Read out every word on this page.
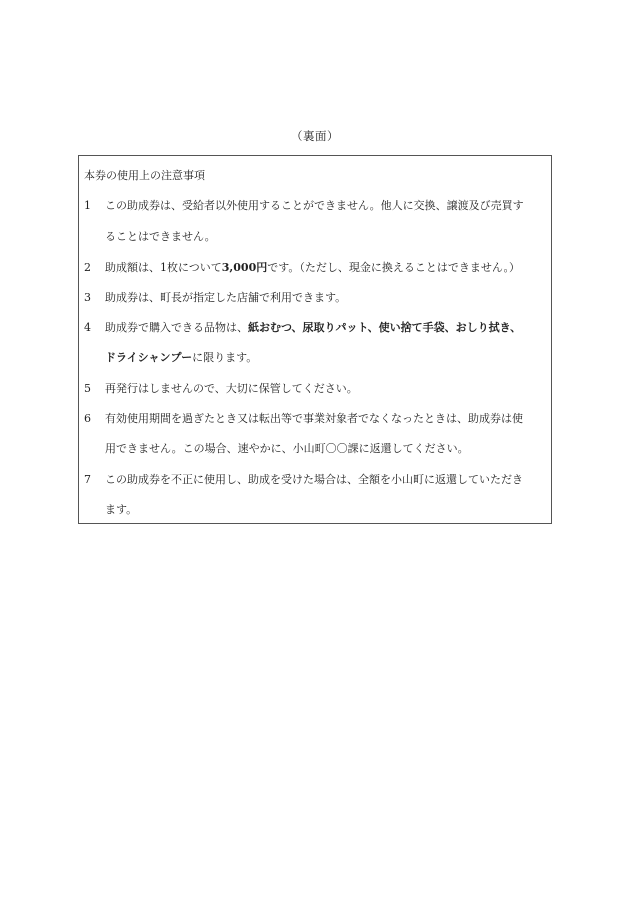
（裏面）
本券の使用上の注意事項
1 この助成券は、受給者以外使用することができません。他人に交換、譲渡及び売買す
ることはできません。
2 助成額は、1枚について3,000円です。（ただし、現金に換えることはできません。）
3 助成券は、町長が指定した店舗で利用できます。
4 助成券で購入できる品物は、紙おむつ、尿取りパット、使い捨て手袋、おしり拭き、
ドライシャンプーに限ります。
5 再発行はしませんので、大切に保管してください。
6 有効使用期間を過ぎたとき又は転出等で事業対象者でなくなったときは、助成券は使
用できません。この場合、速やかに、小山町〇〇課に返還してください。
7 この助成券を不正に使用し、助成を受けた場合は、全額を小山町に返還していただき
ます。
